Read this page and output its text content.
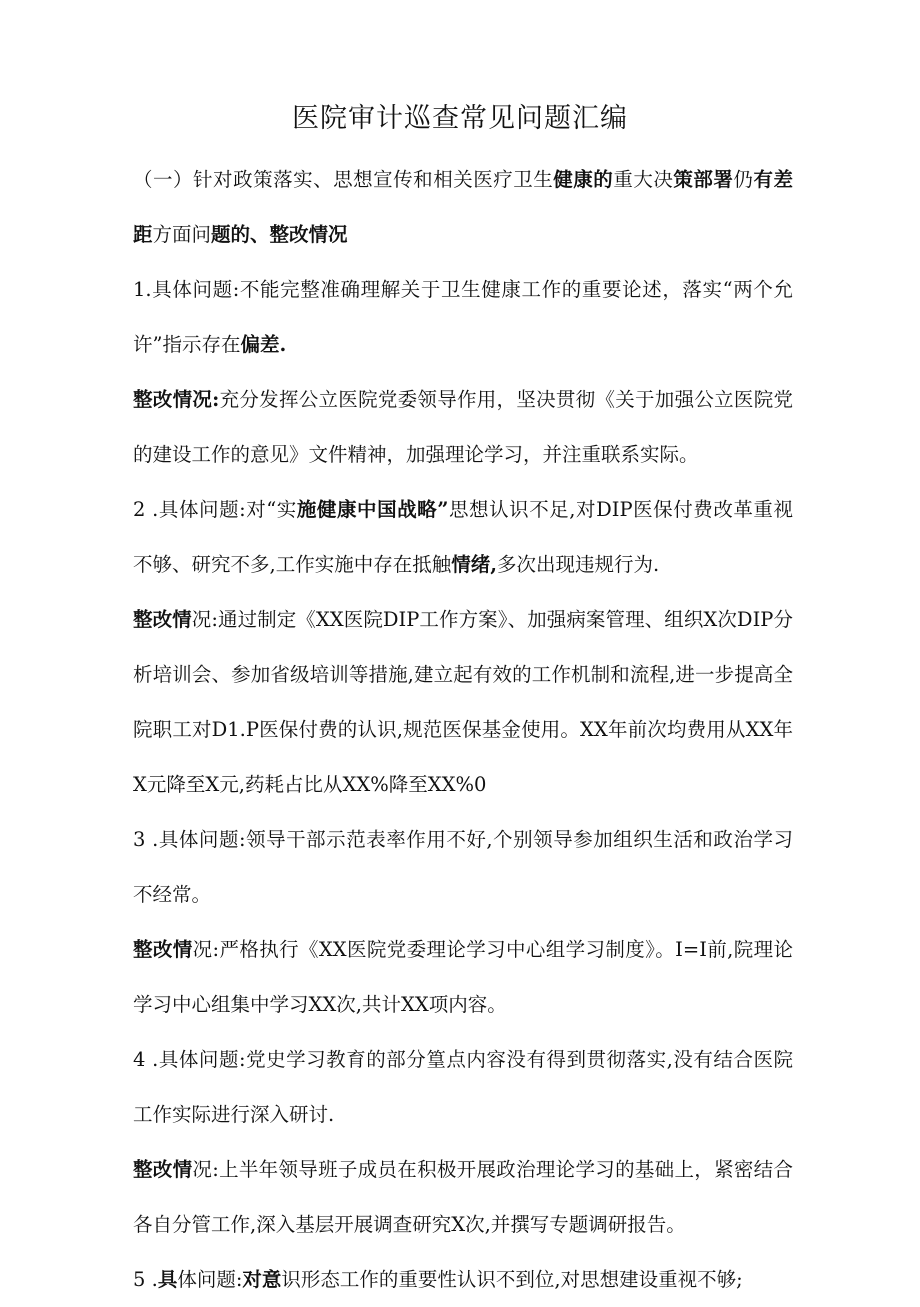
医院审计巡查常见问题汇编

（一）针对政策落实、思想宣传和相关医疗卫生健康的重大决策部署仍有差距方面问题的、整改情况

1.具体问题:不能完整准确理解关于卫生健康工作的重要论述，落实“两个允许”指示存在偏差.

整改情况:充分发挥公立医院党委领导作用，坚决贯彻《关于加强公立医院党的建设工作的意见》文件精神，加强理论学习，并注重联系实际。

2 .具体问题:对“实施健康中国战略”思想认识不足,对DIP医保付费改革重视不够、研究不多,工作实施中存在抵触情绪,多次出现违规行为.

整改情况:通过制定《XX医院DIP工作方案》、加强病案管理、组织X次DIP分析培训会、参加省级培训等措施,建立起有效的工作机制和流程,进一步提高全院职工对D1.P医保付费的认识,规范医保基金使用。XX年前次均费用从XX年X元降至X元,药耗占比从XX%降至XX%0

3 .具体问题:领导干部示范表率作用不好,个别领导参加组织生活和政治学习不经常。

整改情况:严格执行《XX医院党委理论学习中心组学习制度》。I=I前,院理论学习中心组集中学习XX次,共计XX项内容。

4 .具体问题:党史学习教育的部分篁点内容没有得到贯彻落实,没有结合医院工作实际进行深入研讨.

整改情况:上半年领导班子成员在积极开展政治理论学习的基础上，紧密结合各自分管工作,深入基层开展调查研究X次,并撰写专题调研报告。

5 .具体问题:对意识形态工作的重要性认识不到位,对思想建设重视不够;
